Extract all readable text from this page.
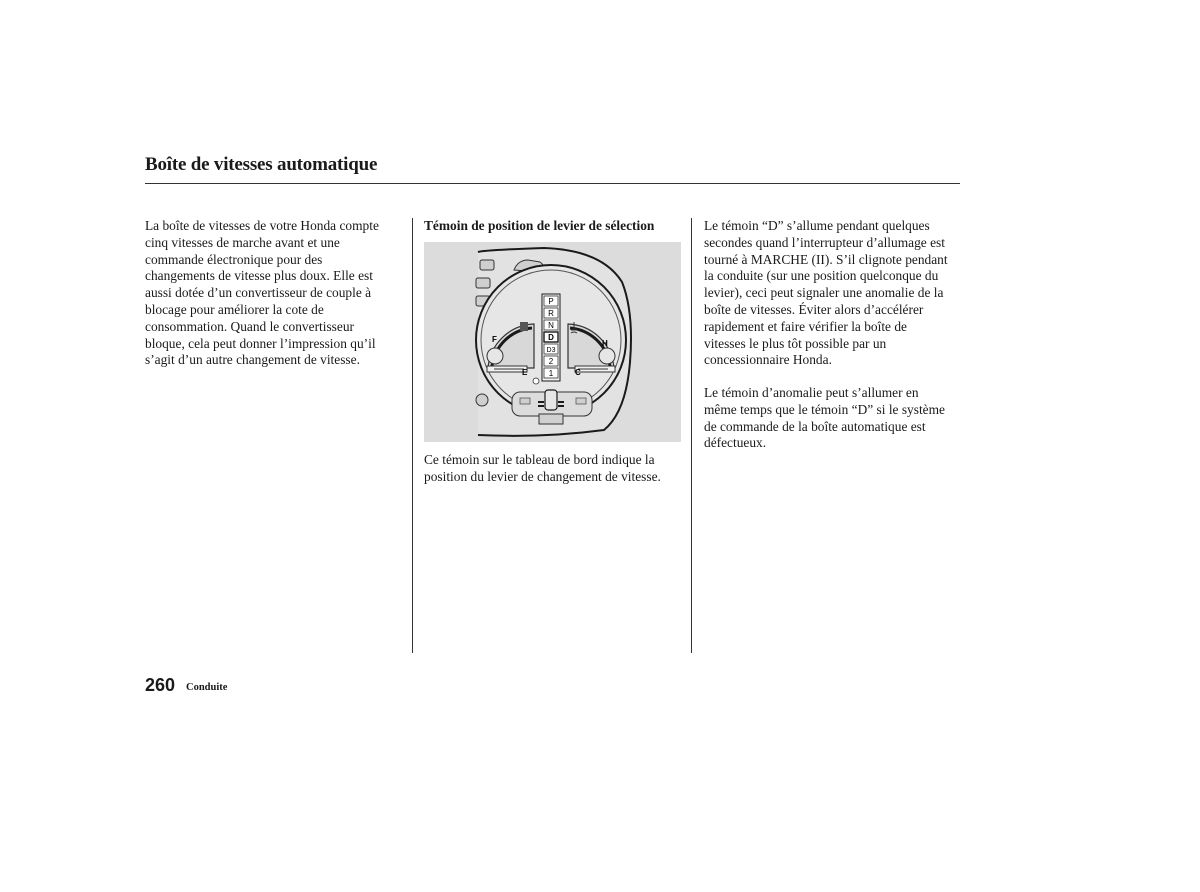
Boîte de vitesses automatique
La boîte de vitesses de votre Honda compte
cinq vitesses de marche avant et une
commande électronique pour des
changements de vitesse plus doux. Elle est
aussi dotée d’un convertisseur de couple à
blocage pour améliorer la cote de
consommation. Quand le convertisseur
bloque, cela peut donner l’impression qu’il
s’agit d’un autre changement de vitesse.
Témoin de position de levier de sélection
F
E
H
C
P
R
N
D
D3
2
1
Ce témoin sur le tableau de bord indique la
position du levier de changement de vitesse.
Le témoin “D” s’allume pendant quelques
secondes quand l’interrupteur d’allumage est
tourné à MARCHE (II). S’il clignote pendant
la conduite (sur une position quelconque du
levier), ceci peut signaler une anomalie de la
boîte de vitesses. Éviter alors d’accélérer
rapidement et faire vérifier la boîte de
vitesses le plus tôt possible par un
concessionnaire Honda.
Le témoin d’anomalie peut s’allumer en
même temps que le témoin “D” si le système
de commande de la boîte automatique est
défectueux.
260 Conduite
